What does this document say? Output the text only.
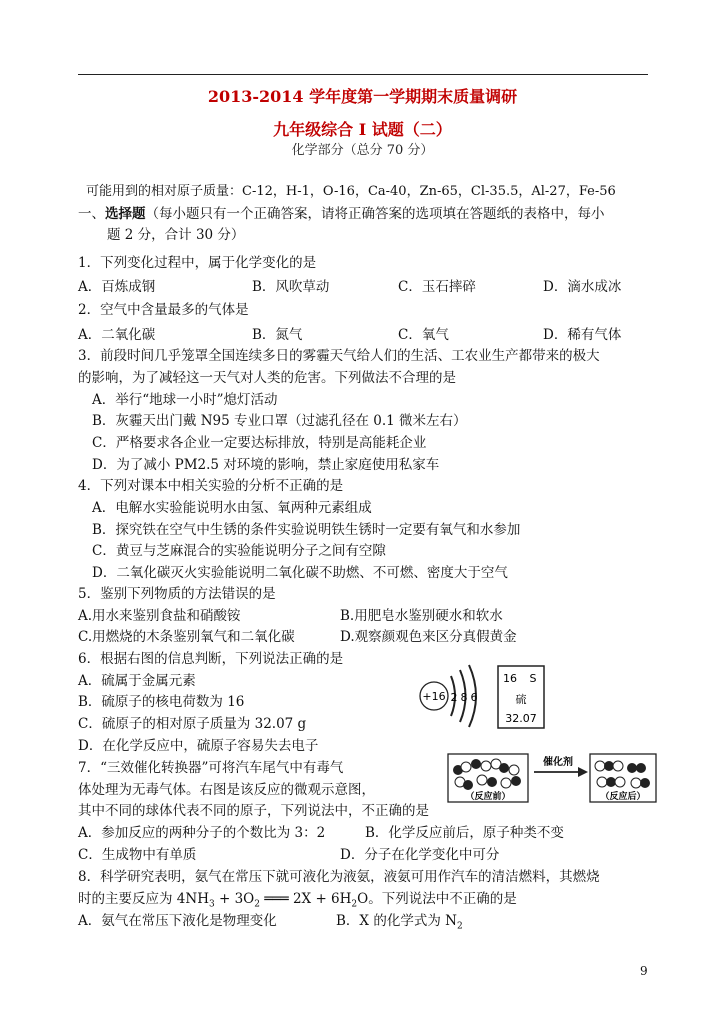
2013-2014 学年度第一学期期末质量调研
九年级综合 I 试题（二）
化学部分（总分 70 分）
可能用到的相对原子质量：C-12，H-1，O-16，Ca-40，Zn-65，Cl-35.5，Al-27，Fe-56
一、选择题（每小题只有一个正确答案，请将正确答案的选项填在答题纸的表格中，每小
题 2 分，合计 30 分）
1．下列变化过程中，属于化学变化的是
A．百炼成钢	B．风吹草动	C．玉石摔碎	D．滴水成冰
2．空气中含量最多的气体是
A．二氧化碳	B．氮气	C．氧气	D．稀有气体
3．前段时间几乎笼罩全国连续多日的雾霾天气给人们的生活、工农业生产都带来的极大
的影响，为了减轻这一天气对人类的危害。下列做法不合理的是
A．举行“地球一小时”熄灯活动
B．灰霾天出门戴 N95 专业口罩（过滤孔径在 0.1 微米左右）
C．严格要求各企业一定要达标排放，特别是高能耗企业
D．为了减小 PM2.5 对环境的影响，禁止家庭使用私家车
4．下列对课本中相关实验的分析不正确的是
A．电解水实验能说明水由氢、氧两种元素组成
B．探究铁在空气中生锈的条件实验说明铁生锈时一定要有氧气和水参加
C．黄豆与芝麻混合的实验能说明分子之间有空隙
D．二氧化碳灭火实验能说明二氧化碳不助燃、不可燃、密度大于空气
5．鉴别下列物质的方法错误的是
A.用水来鉴别食盐和硝酸铵	B.用肥皂水鉴别硬水和软水
C.用燃烧的木条鉴别氧气和二氧化碳	D.观察颜观色来区分真假黄金
6．根据右图的信息判断，下列说法正确的是
A．硫属于金属元素
B．硫原子的核电荷数为 16
C．硫原子的相对原子质量为 32.07 g
D．在化学反应中，硫原子容易失去电子
+16 2 8 6
16 S
硫
32.07
7．“三效催化转换器”可将汽车尾气中有毒气
体处理为无毒气体。右图是该反应的微观示意图，
其中不同的球体代表不同的原子，下列说法中，不正确的是
A．参加反应的两种分子的个数比为 3：2	B．化学反应前后，原子种类不变
C．生成物中有单质	D．分子在化学变化中可分
（反应前）
催化剂
（反应后）
8．科学研究表明，氨气在常压下就可液化为液氨，液氨可用作汽车的清洁燃料，其燃烧
时的主要反应为 $4NH_3 + 3O_2$ ═══ $2X + 6H_2O$。下列说法中不正确的是
A．氨气在常压下液化是物理变化	B．X 的化学式为 $N_2$
9
